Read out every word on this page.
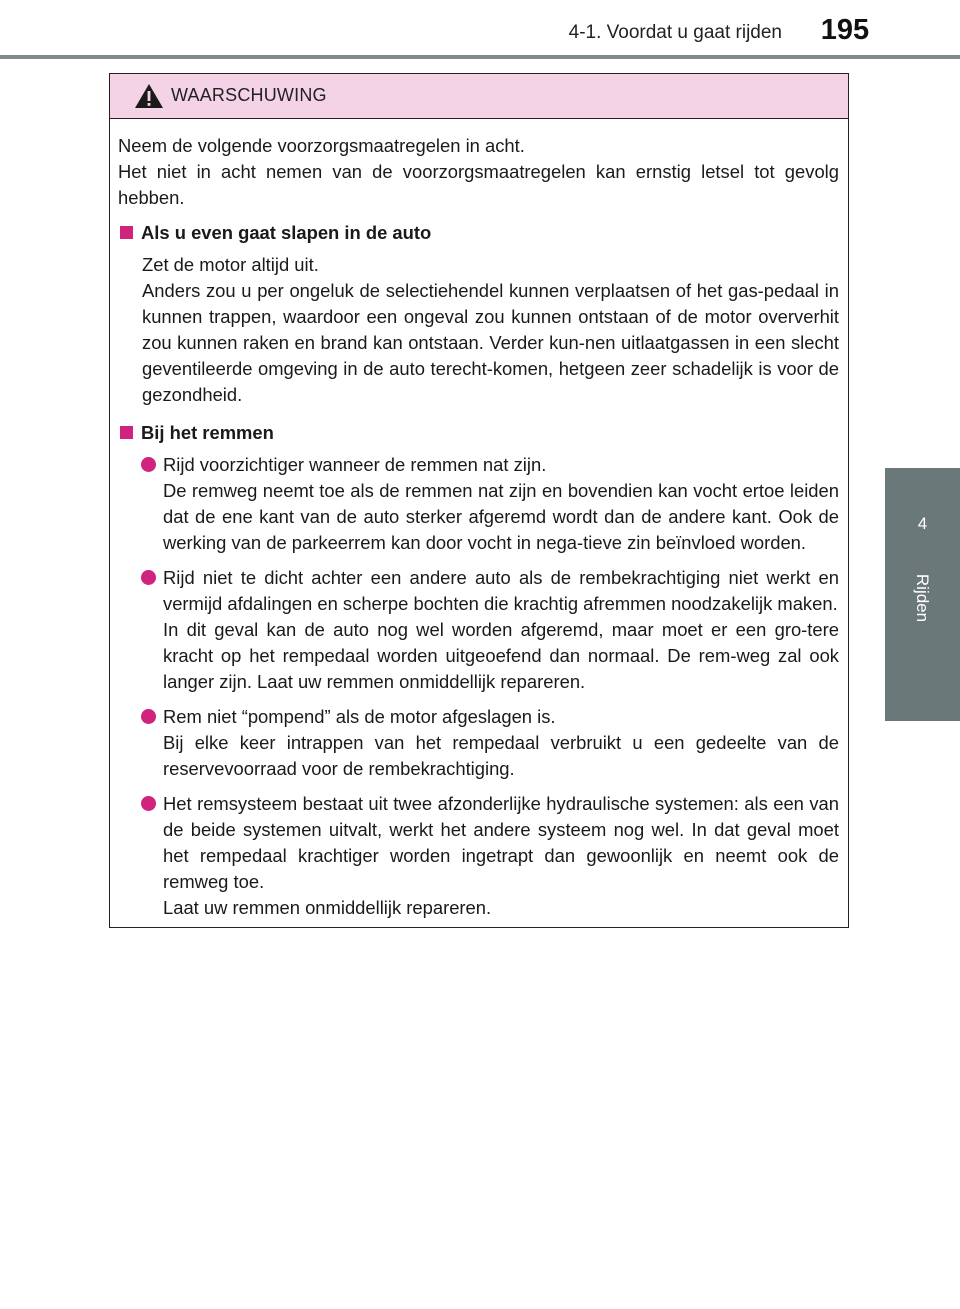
4-1. Voordat u gaat rijden	195
4
Rijden
WAARSCHUWING

Neem de volgende voorzorgsmaatregelen in acht.

Het niet in acht nemen van de voorzorgsmaatregelen kan ernstig letsel tot gevolg hebben.

Als u even gaat slapen in de auto

Zet de motor altijd uit.

Anders zou u per ongeluk de selectiehendel kunnen verplaatsen of het gas-pedaal in kunnen trappen, waardoor een ongeval zou kunnen ontstaan of de motor oververhit zou kunnen raken en brand kan ontstaan. Verder kun-nen uitlaatgassen in een slecht geventileerde omgeving in de auto terecht-komen, hetgeen zeer schadelijk is voor de gezondheid.

Bij het remmen

Rijd voorzichtiger wanneer de remmen nat zijn.

De remweg neemt toe als de remmen nat zijn en bovendien kan vocht ertoe leiden dat de ene kant van de auto sterker afgeremd wordt dan de andere kant. Ook de werking van de parkeerrem kan door vocht in nega-tieve zin beïnvloed worden.

Rijd niet te dicht achter een andere auto als de rembekrachtiging niet werkt en vermijd afdalingen en scherpe bochten die krachtig afremmen noodzakelijk maken.

In dit geval kan de auto nog wel worden afgeremd, maar moet er een gro-tere kracht op het rempedaal worden uitgeoefend dan normaal. De rem-weg zal ook langer zijn. Laat uw remmen onmiddellijk repareren.

Rem niet “pompend” als de motor afgeslagen is.

Bij elke keer intrappen van het rempedaal verbruikt u een gedeelte van de reservevoorraad voor de rembekrachtiging.

Het remsysteem bestaat uit twee afzonderlijke hydraulische systemen: als een van de beide systemen uitvalt, werkt het andere systeem nog wel. In dat geval moet het rempedaal krachtiger worden ingetrapt dan gewoonlijk en neemt ook de remweg toe.

Laat uw remmen onmiddellijk repareren.
